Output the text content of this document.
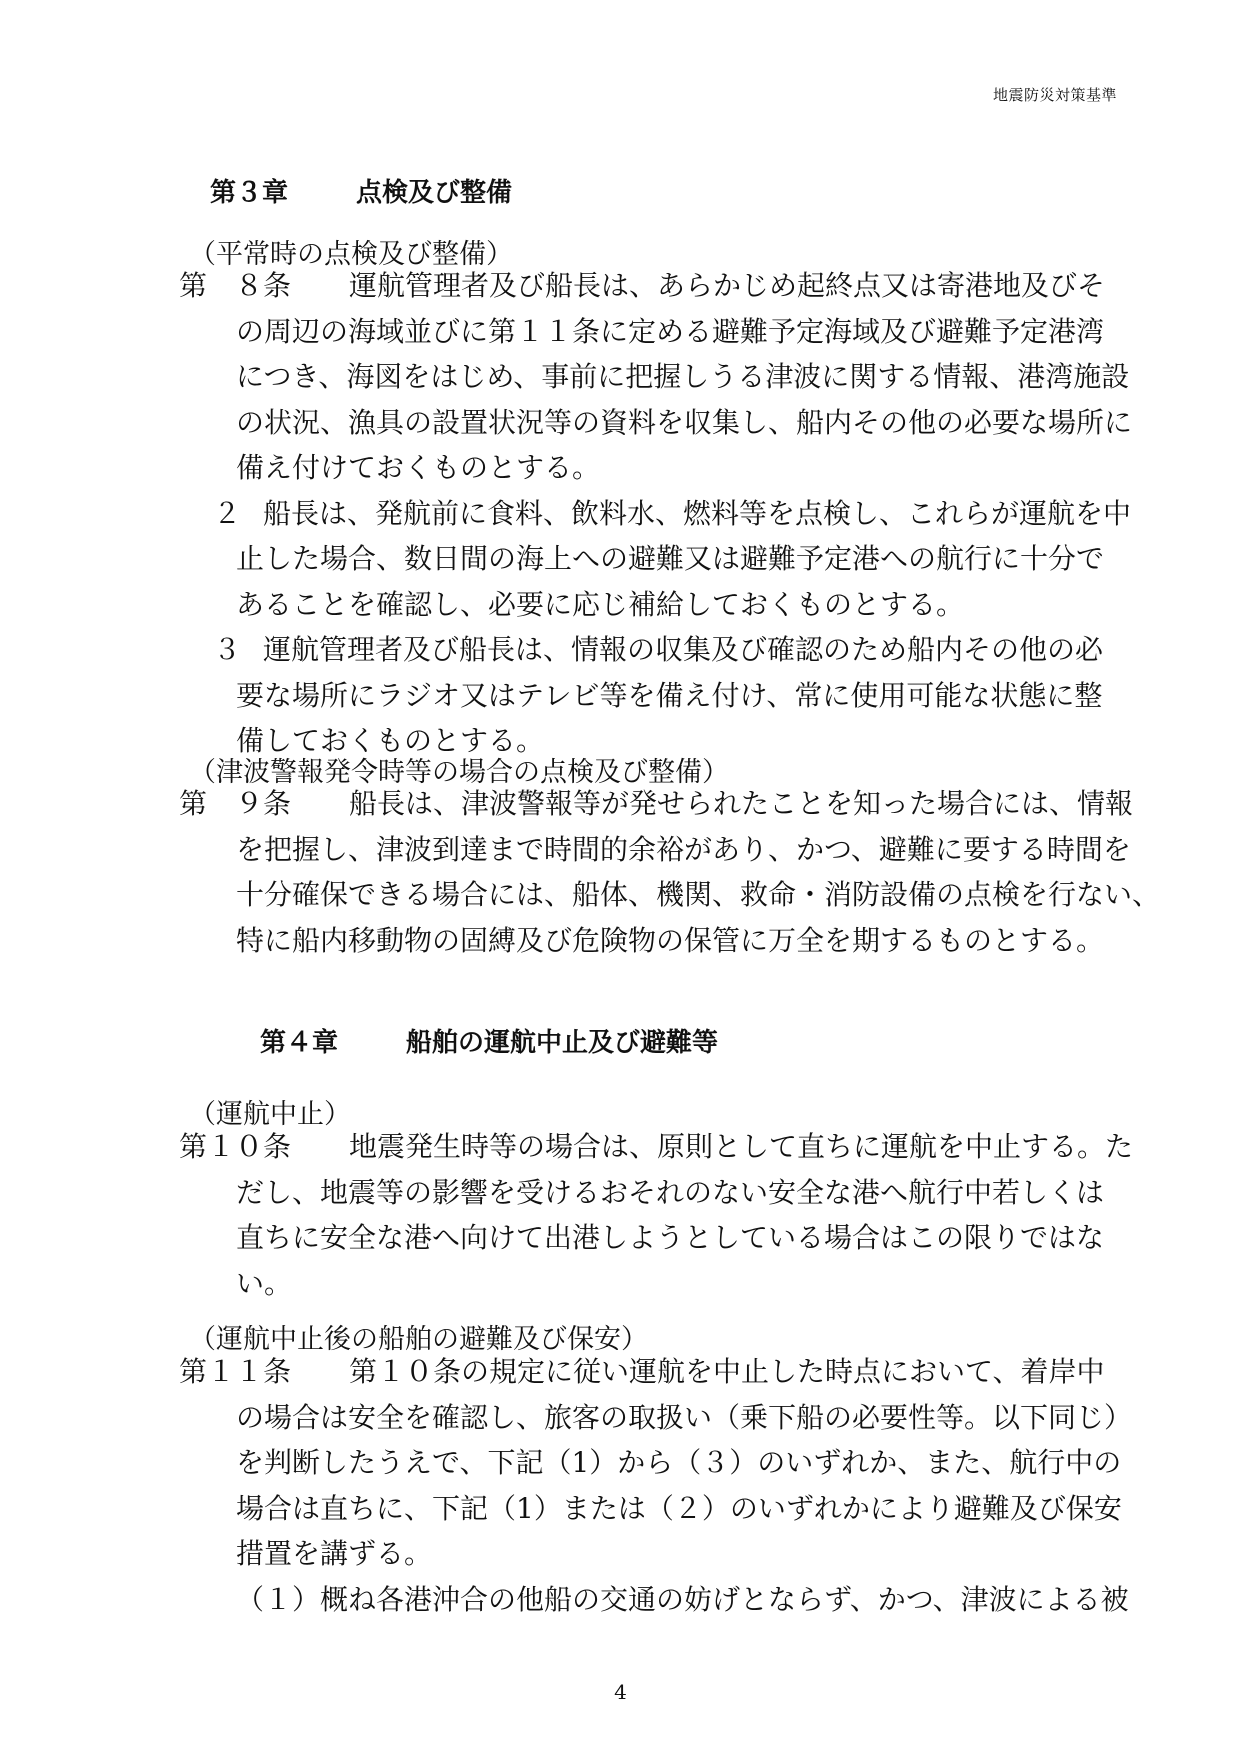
地震防災対策基準
第３章	点検及び整備
（平常時の点検及び整備）
第　８条 運航管理者及び船長は、あらかじめ起終点又は寄港地及びそ
の周辺の海域並びに第１１条に定める避難予定海域及び避難予定港湾
につき、海図をはじめ、事前に把握しうる津波に関する情報、港湾施設
の状況、漁具の設置状況等の資料を収集し、船内その他の必要な場所に
備え付けておくものとする。
２ 船長は、発航前に食料、飲料水、燃料等を点検し、これらが運航を中
止した場合、数日間の海上への避難又は避難予定港への航行に十分で
あることを確認し、必要に応じ補給しておくものとする。
３ 運航管理者及び船長は、情報の収集及び確認のため船内その他の必
要な場所にラジオ又はテレビ等を備え付け、常に使用可能な状態に整
備しておくものとする。
（津波警報発令時等の場合の点検及び整備）
第　９条 船長は、津波警報等が発せられたことを知った場合には、情報
を把握し、津波到達まで時間的余裕があり、かつ、避難に要する時間を
十分確保できる場合には、船体、機関、救命・消防設備の点検を行ない、
特に船内移動物の固縛及び危険物の保管に万全を期するものとする。
第４章	船舶の運航中止及び避難等
（運航中止）
第１０条 地震発生時等の場合は、原則として直ちに運航を中止する。た
だし、地震等の影響を受けるおそれのない安全な港へ航行中若しくは
直ちに安全な港へ向けて出港しようとしている場合はこの限りではな
い。
（運航中止後の船舶の避難及び保安）
第１１条 第１０条の規定に従い運航を中止した時点において、着岸中
の場合は安全を確認し、旅客の取扱い（乗下船の必要性等。以下同じ）
を判断したうえで、下記（1）から（３）のいずれか、また、航行中の
場合は直ちに、下記（1）または（２）のいずれかにより避難及び保安
措置を講ずる。
（１）概ね各港沖合の他船の交通の妨げとならず、かつ、津波による被
4
